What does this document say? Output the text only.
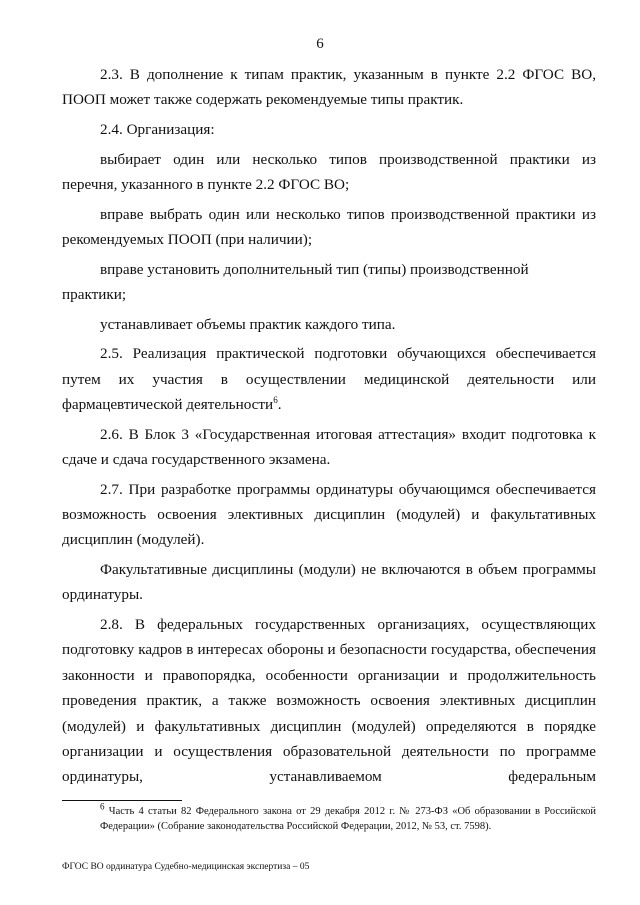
6

2.3. В дополнение к типам практик, указанным в пункте 2.2 ФГОС ВО, ПООП может также содержать рекомендуемые типы практик.

2.4. Организация:

выбирает один или несколько типов производственной практики из перечня, указанного в пункте 2.2 ФГОС ВО;

вправе выбрать один или несколько типов производственной практики из рекомендуемых ПООП (при наличии);

вправе установить дополнительный тип (типы) производственной практики;

устанавливает объемы практик каждого типа.

2.5. Реализация практической подготовки обучающихся обеспечивается путем их участия в осуществлении медицинской деятельности или фармацевтической деятельности$^6$.

2.6. В Блок 3 «Государственная итоговая аттестация» входит подготовка к сдаче и сдача государственного экзамена.

2.7. При разработке программы ординатуры обучающимся обеспечивается возможность освоения элективных дисциплин (модулей) и факультативных дисциплин (модулей).

Факультативные дисциплины (модули) не включаются в объем программы ординатуры.

2.8. В федеральных государственных организациях, осуществляющих подготовку кадров в интересах обороны и безопасности государства, обеспечения законности и правопорядка, особенности организации и продолжительность проведения практик, а также возможность освоения элективных дисциплин (модулей) и факультативных дисциплин (модулей) определяются в порядке организации и осуществления образовательной деятельности по программе ординатуры, устанавливаемом федеральным

$^6$ Часть 4 статьи 82 Федерального закона от 29 декабря 2012 г. № 273-ФЗ «Об образовании в Российской Федерации» (Собрание законодательства Российской Федерации, 2012, № 53, ст. 7598).
ФГОС ВО ординатура Судебно-медицинская экспертиза – 05
